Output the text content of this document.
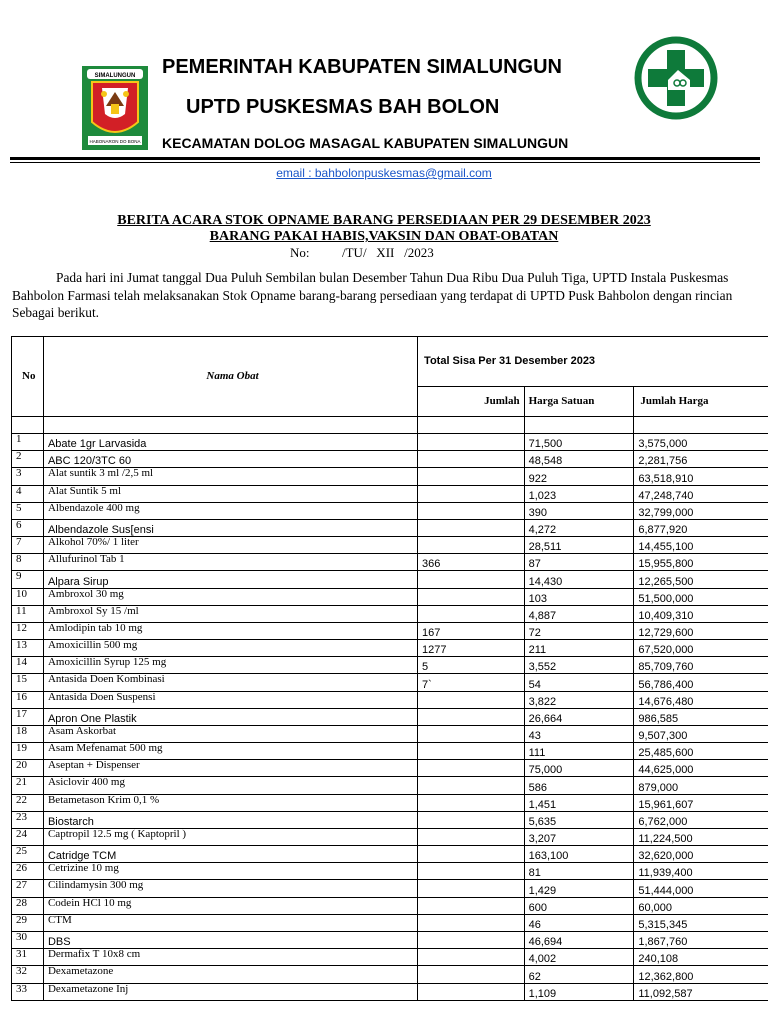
SIMALUNGUN
HABONARON DO BONA
PEMERINTAH KABUPATEN SIMALUNGUN
UPTD PUSKESMAS BAH BOLON
KECAMATAN DOLOG MASAGAL KABUPATEN SIMALUNGUN
email : bahbolonpuskesmas@gmail.com
BERITA ACARA STOK OPNAME BARANG PERSEDIAAN PER 29 DESEMBER 2023
BARANG PAKAI HABIS,VAKSIN DAN OBAT-OBATAN
No:          /TU/   XII   /2023
Pada hari ini Jumat tanggal Dua Puluh Sembilan bulan Desember Tahun Dua Ribu Dua Puluh Tiga, UPTD Instala Puskesmas Bahbolon Farmasi telah melaksanakan Stok Opname barang-barang persediaan yang terdapat di UPTD Pusk Bahbolon dengan rincian Sebagai berikut.
No	Nama Obat	Total Sisa Per 31 Desember 2023		
		Jumlah	Harga Satuan	Jumlah Harga

1	Abate 1gr Larvasida		71,500	3,575,000
2	ABC 120/3TC 60		48,548	2,281,756
3	Alat suntik 3 ml /2,5 ml		922	63,518,910
4	Alat Suntik 5 ml		1,023	47,248,740
5	Albendazole 400 mg		390	32,799,000
6	Albendazole Sus[ensi		4,272	6,877,920
7	Alkohol 70%/ 1 liter		28,511	14,455,100
8	Allufurinol Tab 1	366	87	15,955,800
9	Alpara Sirup		14,430	12,265,500
10	Ambroxol 30 mg		103	51,500,000
11	Ambroxol Sy 15 /ml		4,887	10,409,310
12	Amlodipin tab 10 mg	167	72	12,729,600
13	Amoxicillin 500 mg	1277	211	67,520,000
14	Amoxicillin Syrup 125 mg	5	3,552	85,709,760
15	Antasida Doen Kombinasi	7`	54	56,786,400
16	Antasida Doen Suspensi		3,822	14,676,480
17	Apron One Plastik		26,664	986,585
18	Asam Askorbat		43	9,507,300
19	Asam Mefenamat 500 mg		111	25,485,600
20	Aseptan + Dispenser		75,000	44,625,000
21	Asiclovir 400 mg		586	879,000
22	Betametason Krim 0,1 %		1,451	15,961,607
23	Biostarch		5,635	6,762,000
24	Captropil 12.5 mg ( Kaptopril )		3,207	11,224,500
25	Catridge TCM		163,100	32,620,000
26	Cetrizine 10 mg		81	11,939,400
27	Cilindamysin 300 mg		1,429	51,444,000
28	Codein HCl 10 mg		600	60,000
29	CTM		46	5,315,345
30	DBS		46,694	1,867,760
31	Dermafix T 10x8 cm		4,002	240,108
32	Dexametazone		62	12,362,800
33	Dexametazone Inj		1,109	11,092,587
